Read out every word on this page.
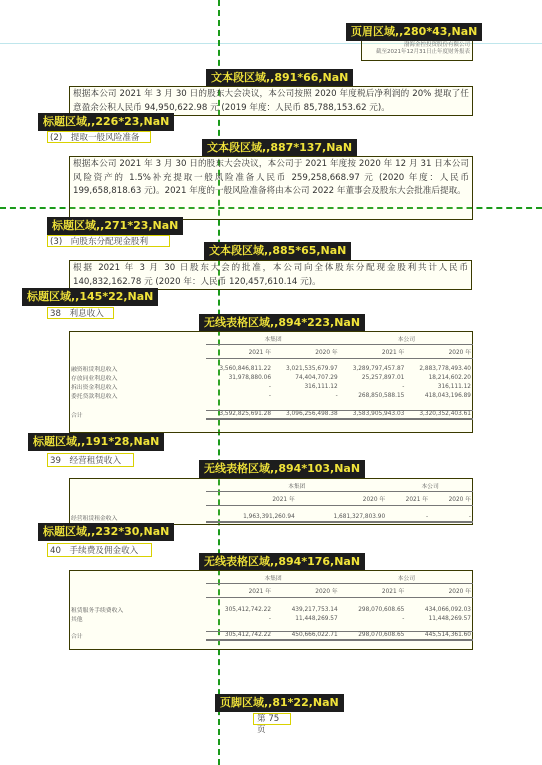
渤海金控投资股份有限公司
截至2021年12月31日止年度财务报表
页眉区域,,280*43,NaN
文本段区域,,891*66,NaN
根据本公司 2021 年 3 月 30 日的股东大会决议，本公司按照 2020 年度税后净利润的 20% 提取了任意盈余公积人民币 94,950,622.98 元 (2019 年度：人民币 85,788,153.62 元)。
标题区域,,226*23,NaN
(2)　提取一般风险准备
文本段区域,,887*137,NaN
根据本公司 2021 年 3 月 30 日的股东大会决议，本公司于 2021 年度按 2020 年 12 月 31 日本公司风险资产的 1.5%补充提取一般风险准备人民币 259,258,668.97 元 (2020 年度：人民币 199,658,818.63 元)。2021 年度的一般风险准备将由本公司 2022 年董事会及股东大会批准后提取。
标题区域,,271*23,NaN
(3)　向股东分配现金股利
文本段区域,,885*65,NaN
根据 2021 年 3 月 30 日股东大会的批准，本公司向全体股东分配现金股利共计人民币 140,832,162.78 元 (2020 年：人民币 120,457,610.14 元)。
标题区域,,145*22,NaN
38　利息收入
无线表格区域,,894*223,NaN
	本集团		本公司	
	2021 年	2020 年	2021 年	2020 年

融资租赁利息收入	3,560,846,811.22	3,021,535,679.97	3,289,797,457.87	2,883,778,493.40
存放同业利息收入	31,978,880.06	74,404,707.29	25,257,897.01	18,214,602.20
拆出资金利息收入	-	316,111.12	-	316,111.12
委托贷款利息收入	-	-	268,850,588.15	418,043,196.89

合计	3,592,825,691.28	3,096,256,498.38	3,583,905,943.03	3,320,352,403.61
标题区域,,191*28,NaN
39　经营租赁收入
无线表格区域,,894*103,NaN
	本集团		本公司	
	2021 年	2020 年	2021 年	2020 年

经营租赁租金收入	1,963,391,260.94	1,681,327,803.90	-	-
标题区域,,232*30,NaN
40　手续费及佣金收入
无线表格区域,,894*176,NaN
	本集团		本公司	
	2021 年	2020 年	2021 年	2020 年

租赁服务手续费收入	305,412,742.22	439,217,753.14	298,070,608.65	434,066,092.03
其他	-	11,448,269.57	-	11,448,269.57

合计	305,412,742.22	450,666,022.71	298,070,608.65	445,514,361.60
页脚区域,,81*22,NaN
第 75 页
